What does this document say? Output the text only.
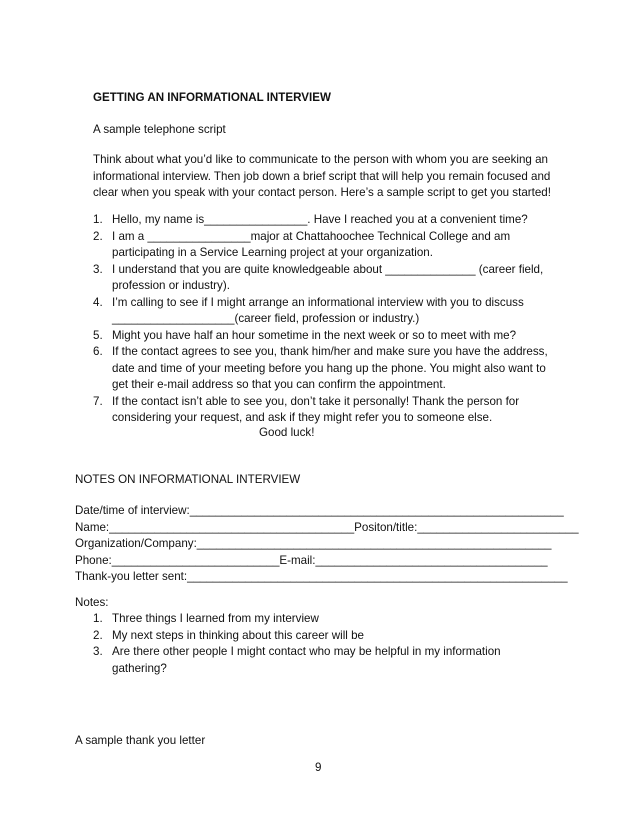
GETTING AN INFORMATIONAL INTERVIEW
A sample telephone script
Think about what you’d like to communicate to the person with whom you are seeking an
informational interview. Then job down a brief script that will help you remain focused and
clear when you speak with your contact person. Here’s a sample script to get you started!
1. Hello, my name is________________. Have I reached you at a convenient time?
2. I am a ________________major at Chattahoochee Technical College and am
participating in a Service Learning project at your organization.
3. I understand that you are quite knowledgeable about ______________ (career field,
profession or industry).
4. I’m calling to see if I might arrange an informational interview with you to discuss
___________________(career field, profession or industry.)
5. Might you have half an hour sometime in the next week or so to meet with me?
6. If the contact agrees to see you, thank him/her and make sure you have the address,
date and time of your meeting before you hang up the phone. You might also want to
get their e-mail address so that you can confirm the appointment.
7. If the contact isn’t able to see you, don’t take it personally! Thank the person for
considering your request, and ask if they might refer you to someone else.
Good luck!
NOTES ON INFORMATIONAL INTERVIEW
Date/time of interview:__________________________________________________________
Name:______________________________________Positon/title:_________________________
Organization/Company:_______________________________________________________
Phone:__________________________E-mail:____________________________________
Thank-you letter sent:___________________________________________________________
Notes:
1. Three things I learned from my interview
2. My next steps in thinking about this career will be
3. Are there other people I might contact who may be helpful in my information
gathering?
A sample thank you letter
9
